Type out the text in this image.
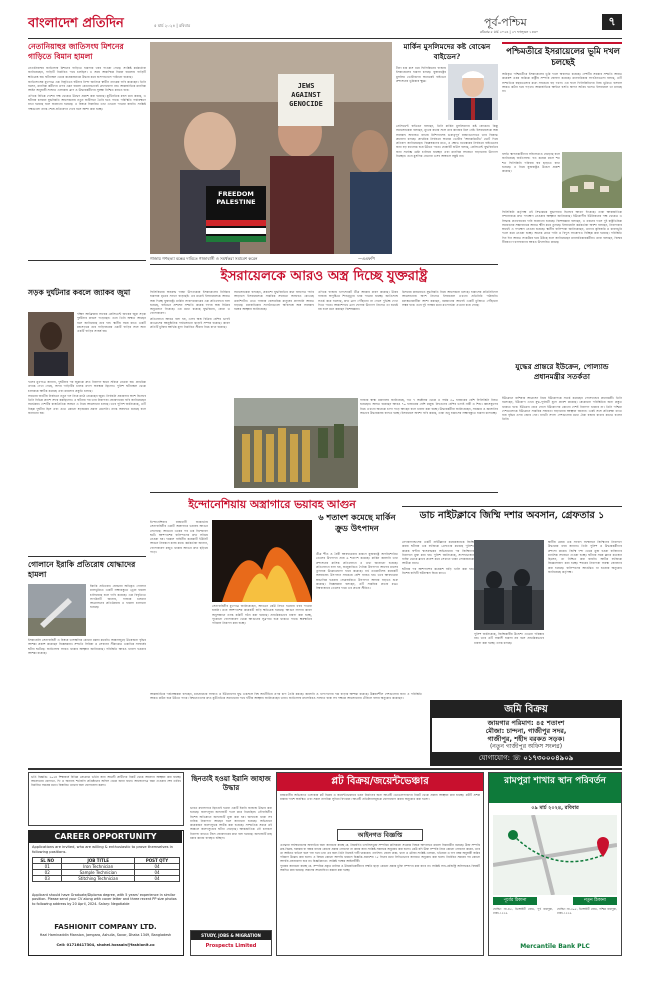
বাংলাদেশ প্রতিদিন	৫ মার্চ ২০২৪ | রবিবার	পূর্ব-পশ্চিম	৭
রবিবার ৫ মার্চ ২০২৪ | ২৭ ফাল্গুন ১৪৩০
নেতানিয়াহুর জাতিসংঘ মিশনের গাড়িতে বিমান হামলা

নেতানিয়াহুর জাতিসংঘ মিশনের গাড়িতে হামলার খবর পাওয়া গেছে। সংশ্লিষ্ট কর্মকর্তারা জানিয়েছেন, গাড়িটি নির্ধারিত পথে চলছিল। এ সময় আকস্মিক বিমান হামলায় গাড়িটি ক্ষতিগ্রস্ত হয়। ঘটনাস্থল থেকে কয়েকজনকে উদ্ধার করে হাসপাতালে পাঠানো হয়েছে।

জাতিসংঘের মুখপাত্র এক বিবৃতিতে ঘটনার নিন্দা জানিয়ে স্বাধীন তদন্তের দাবি করেছেন। তিনি বলেন, মানবিক কর্মীদের ওপর এমন হামলা কোনোভাবেই গ্রহণযোগ্য নয়। আন্তর্জাতিক মানবিক আইন অনুযায়ী সংঘাত এলাকায় ত্রাণ ও উদ্ধারকর্মীদের সুরক্ষা নিশ্চিত করতে হবে।

এদিকে বিভিন্ন দেশের পক্ষ থেকেও উদ্বেগ প্রকাশ করা হয়েছে। কূটনৈতিক মহল মনে করছে, এ ঘটনায় চলমান যুদ্ধবিরতি আলোচনায় নতুন জটিলতা তৈরি হতে পারে। পরিস্থিতি পর্যবেক্ষণে রাখা হয়েছে বলে জানানো হয়েছে। এ বিষয়ে বিস্তারিত তথ্য এখনো পাওয়া যায়নি। সংশ্লিষ্ট পক্ষগুলো তদন্ত শেষে প্রতিবেদন দেবে বলে আশা করা হচ্ছে।

সড়ক দুর্ঘটনার কবলে জ্যাকব জুমা

দক্ষিণ আফ্রিকার সাবেক প্রেসিডেন্ট জ্যাকব জুমা সড়ক দুর্ঘটনার কবলে পড়েছেন। তবে তিনি অক্ষত আছেন বলে জানিয়েছে তার দল। স্থানীয় সময় রাতে একটি মহাসড়কে তার গাড়িবহরের একটি গাড়ির সঙ্গে অন্য একটি গাড়ির সংঘর্ষ হয়।

দলের মুখপাত্র জানান, দুর্ঘটনার পর জুমাকে দ্রুত নিরাপদ স্থানে সরিয়ে নেওয়া হয়। প্রাথমিক তদন্তে দেখা গেছে, অপর গাড়িটির চালক মদ্যপ অবস্থায় ছিলেন। পুলিশ ঘটনাস্থল থেকে চালককে আটক করেছে এবং মামলার প্রস্তুতি চলছে।

সামনের জাতীয় নির্বাচনে নতুন দল নিয়ে মাঠে নেমেছেন জুমা। নির্বাচনি প্রচারণার অংশ হিসেবে তিনি বিভিন্ন প্রদেশ সফর করছিলেন। এ ঘটনার পর তার নিরাপত্তা জোরদারের দাবি জানিয়েছেন সমর্থকরা। দেশটির রাজনৈতিক অঙ্গনে এ নিয়ে আলোচনা চলছে। তবে পুলিশ জানিয়েছে, এটি নিছক দুর্ঘটনা ছিল এবং এতে কোনো ষড়যন্ত্রের প্রমাণ মেলেনি। তদন্ত অব্যাহত রয়েছে বলে জানানো হয়।

গোলানে ইরাকি প্রতিরোধ যোদ্ধাদের হামলা

ইরাকি প্রতিরোধ যোদ্ধারা অধিকৃত গোলান মালভূমিতে একটি লক্ষ্যবস্তুতে ড্রোন হামলা চালিয়েছে বলে দাবি করেছে। এক বিবৃতিতে সংগঠনটি জানায়, গাজায় চলমান আগ্রাসনের প্রতিক্রিয়ায় এ হামলা চালানো হয়েছে।

ইসরায়েলি সেনাবাহিনী এ বিষয়ে তাৎক্ষণিক কোনো মন্তব্য করেনি। অঞ্চলজুড়ে উত্তেজনা বৃদ্ধির আশঙ্কা প্রকাশ করেছেন বিশ্লেষকরা। সম্প্রতি সিরিয়া ও লেবানন সীমান্তেও একাধিক সংঘর্ষের ঘটনা ঘটেছে। জাতিসংঘ সংযত থাকার আহ্বান জানিয়েছে। পরিস্থিতি আরও খারাপ হওয়ার আশঙ্কা রয়েছে।

JEWS AGAINST GENOCIDE
FREEDOM PALESTINE
গাজায় গণহত্যা বন্ধের দাবিতে গাজাবাসী ও সমর্থকরা সমাবেশ করেন	—এএফপি
মার্কিন মুসলিমদের কষ্ট বোঝেন বাইডেন?

টানা চার মাস ধরে ফিলিস্তিনের গাজায় ইসরায়েলের হামলা চলছে। যুক্তরাষ্ট্রের মুসলিম ভোটারদের অনেকেই বাইডেন প্রশাসনের ভূমিকায় ক্ষুব্ধ।

প্রেসিডেন্ট বাইডেন বলছেন, তিনি মার্কিন মুসলিমদের কষ্ট বোঝেন। কিন্তু সমালোচকরা বলছেন, মুখের কথার সঙ্গে তার কাজের মিল নেই। ইসরায়েলকে অস্ত্র সরবরাহ অব্যাহত রাখায় মিশিগানসহ গুরুত্বপূর্ণ রাজ্যগুলোতে তার বিরুদ্ধে প্রচারণা চলছে। প্রাথমিক নির্বাচনে অনেক ভোটার 'আনকমিটেড' ভোট দিয়ে প্রতিবাদ জানিয়েছেন। বিশ্লেষকদের মতে, এ ক্ষোভ নভেম্বরের নির্বাচনে বাইডেনের জন্য বড় চ্যালেঞ্জ হয়ে উঠতে পারে। হোয়াইট হাউস বলছে, প্রেসিডেন্ট যুদ্ধবিরতির জন্য সর্বোচ্চ চেষ্টা চালিয়ে যাচ্ছেন এবং মানবিক সহায়তা বাড়ানোর উদ্যোগ নিচ্ছেন। তবে মুসলিম নেতারা এসব আশ্বাসে সন্তুষ্ট নন।

পশ্চিমতীরে ইসরায়েলের ভূমি দখল চলছেই

অধিকৃত পশ্চিমতীরে ইসরায়েলের ভূমি দখল অব্যাহত রয়েছে। দেশটির সরকার সম্প্রতি আরও কয়েকশ একর জমিকে রাষ্ট্রীয় সম্পত্তি ঘোষণা করেছে। মানবাধিকার সংগঠনগুলো বলছে, এটি সাম্প্রতিক বছরগুলোর মধ্যে সবচেয়ে বড় দখল। এর ফলে ফিলিস্তিনিদের নিজ ভূমিতে বসবাস আরও কঠিন হয়ে পড়বে। আন্তর্জাতিক আইনে বসতি স্থাপন অবৈধ হলেও ইসরায়েল তা মানছে না।

বসতি স্থাপনকারীদের সহিংসতাও বেড়েছে বলে জানিয়েছে জাতিসংঘ। গত কয়েক মাসে শত শত ফিলিস্তিনি পরিবার ঘর ছাড়তে বাধ্য হয়েছে। এ নিয়ে যুক্তরাষ্ট্রও উদ্বেগ প্রকাশ করেছে।

ফিলিস্তিনি কর্তৃপক্ষ এই সিদ্ধান্তকে যুদ্ধাপরাধ হিসেবে আখ্যা দিয়েছে। তারা আন্তর্জাতিক সম্প্রদায়কে দ্রুত পদক্ষেপ নেওয়ার আহ্বান জানিয়েছে। ইউরোপীয় ইউনিয়নের পক্ষ থেকেও এ সিদ্ধান্ত প্রত্যাহারের দাবি জানানো হয়েছে। বিশেষজ্ঞরা বলছেন, এ ধরনের দখল দুই রাষ্ট্রভিত্তিক সমাধানের সম্ভাবনাকে আরও ক্ষীণ করে তুলছে। ইসরায়েলি কর্মকর্তারা অবশ্য বলছেন, নিরাপত্তার স্বার্থেই এ পদক্ষেপ নেওয়া হয়েছে। স্থানীয় বাসিন্দারা জানিয়েছেন, তাদের কৃষিজমি ও চারণভূমি দখল করে নেওয়া হচ্ছে। অনেক গ্রামে পানি ও বিদ্যুৎ সংযোগও বিচ্ছিন্ন করা হয়েছে। পরিস্থিতি দিন দিন আরও সংকটময় হয়ে উঠছে বলে জানিয়েছেন মানবাধিকারকর্মীরা। তারা বলছেন, বিশ্বের নীরবতা দখলদারদের আরও উৎসাহিত করছে।

ইসরায়েলকে আরও অস্ত্র দিচ্ছে যুক্তরাষ্ট্র

ফিলিস্তিনের অবরুদ্ধ গাজা উপত্যকায় ইসরায়েলের নির্বিচার হামলায় মৃতের সংখ্যা বাড়ছেই। এর মধ্যেই ইসরায়েলকে আরও অস্ত্র দিচ্ছে যুক্তরাষ্ট্র। মার্কিন সংবাদমাধ্যমের এক প্রতিবেদনে বলা হয়েছে, বাইডেন প্রশাসন সম্প্রতি কয়েক দফায় অস্ত্র বিক্রির অনুমোদন দিয়েছে। এর মধ্যে রয়েছে যুদ্ধবিমান, বোমা ও গোলাবারুদ।

প্রতিবেদনে আরও বলা হয়, এসব অস্ত্র বিক্রির বেশির ভাগই কংগ্রেসের আনুষ্ঠানিক পর্যালোচনা ছাড়াই সম্পন্ন হয়েছে। কারণ প্রতিটি চুক্তির আর্থিক মূল্য নির্ধারিত সীমার নিচে রাখা হয়েছে।

সমালোচকরা বলছেন, প্রকাশ্যে যুদ্ধবিরতির কথা বললেও পর্দার আড়ালে ইসরায়েলকে সামরিক সহায়তা অব্যাহত রেখেছে ওয়াশিংটন। এতে গাজায় বেসামরিক মানুষের প্রাণহানি আরও বাড়ছে। মানবাধিকার সংগঠনগুলো অবিলম্বে অস্ত্র সরবরাহ বন্ধের আহ্বান জানিয়েছে।

এদিকে গাজায় খাদ্যসংকট তীব্র আকার ধারণ করেছে। উত্তর গাজায় অপুষ্টিতে শিশুমৃত্যুর খবর পাওয়া যাচ্ছে। জাতিসংঘ সতর্ক করে বলেছে, দ্রুত ত্রাণ পৌঁছানো না গেলে দুর্ভিক্ষ দেখা দিতে পারে। আকাশপথে ত্রাণ ফেলার উদ্যোগ নিলেও তা যথেষ্ট নয় বলে মনে করছেন বিশেষজ্ঞরা।

মিসরের কায়রোতে যুদ্ধবিরতি নিয়ে আলোচনা চলছে। হামাসের প্রতিনিধিদল আলোচনায় অংশ নিলেও ইসরায়েল এখনো প্রতিনিধি পাঠায়নি। মধ্যস্থতাকারীরা আশা করছেন, রমজানের আগেই একটি চুক্তিতে পৌঁছানো সম্ভব হবে। তবে দুই পক্ষের মধ্যে মতপার্থক্য এখনো রয়ে গেছে।

গাজার স্বাস্থ্য মন্ত্রণালয় জানিয়েছে, গত ৭ অক্টোবর থেকে এ পর্যন্ত ৩০ হাজারের বেশি ফিলিস্তিনি নিহত হয়েছেন। আহত হয়েছেন আরও ৭০ হাজারের বেশি মানুষ। নিহতদের বেশির ভাগই নারী ও শিশু। ধ্বংসস্তূপের নিচে এখনো অনেকে চাপা পড়ে আছেন বলে ধারণা করা হচ্ছে। উদ্ধারকর্মীরা জানিয়েছেন, সরঞ্জাম ও জ্বালানির অভাবে উদ্ধারকাজ ব্যাহত হচ্ছে। ইসরায়েল অবশ্য দাবি করছে, তারা শুধু হামাসের লক্ষ্যবস্তুতে হামলা চালাচ্ছে।

যুদ্ধের প্রান্তরে ইউক্রেন, পোল্যান্ড প্রধানমন্ত্রীর সতর্কতা

ইউক্রেনে রাশিয়ার আগ্রাসন নিয়ে ইউরোপকে সতর্ক করেছেন পোল্যান্ডের প্রধানমন্ত্রী। তিনি বলেছেন, ইউরোপ এখন যুদ্ধ-পূর্ববর্তী যুগে প্রবেশ করেছে। যেকোনো পরিস্থিতির জন্য প্রস্তুত থাকতে হবে। ইউক্রেন হেরে গেলে ইউরোপের কোনো দেশই নিরাপদ থাকবে না। তিনি পশ্চিমা দেশগুলোকে ইউক্রেনে সামরিক সহায়তা বাড়ানোর আহ্বান জানান। একই সঙ্গে প্রতিরক্ষা খাতে ব্যয় বৃদ্ধির ওপর জোর দেন। ন্যাটো সদস্য দেশগুলোর মধ্যে ঐক্য বজায় রাখার কথাও বলেন তিনি।

ডাচ নাইটক্লাবে জিম্মি দশার অবসান, গ্রেফতার ১

নেদারল্যান্ডসের একটি নাইটক্লাবে কয়েকজনকে জিম্মি করার ঘটনায় এক ব্যক্তিকে গ্রেফতার করেছে পুলিশ। কয়েক ঘণ্টার শ্বাসরুদ্ধকর অভিযানের পর জিম্মিদের নিরাপদে মুক্ত করা হয়। পুলিশ জানিয়েছে, সন্দেহভাজন ব্যক্তি ভোরে ক্লাবে প্রবেশ করে সেখানে থাকা লোকজনকে আটকে রাখে।

ঘটনার পর আশপাশের কয়েকশ বাড়ি খালি করা হয়। বিশেষ বাহিনী ঘটনাস্থল ঘিরে রাখে।

পুলিশ জানিয়েছে, জিম্মিকারীর উদ্দেশ্য এখনো পরিষ্কার নয়। তবে এটি সন্ত্রাসী হামলা নয় বলে প্রাথমিকভাবে ধারণা করা হচ্ছে। তদন্ত চলছে।

স্থানীয় মেয়র এক সংবাদ সম্মেলনে জিম্মিদের নিরাপদে উদ্ধারের খবর জানান। তিনি পুলিশ ও উদ্ধারকর্মীদের প্রশংসা করেন। জিম্মি দশা থেকে মুক্ত হওয়া ব্যক্তিদের মানসিক সহায়তা দেওয়া হচ্ছে। ঘটনার সময় ক্লাবে কতজন ছিলেন, তা নিশ্চিত করা যায়নি। আটক ব্যক্তিকে জিজ্ঞাসাবাদ করা হচ্ছে। শহরের নিরাপত্তা ব্যবস্থা জোরদার করা হয়েছে। বাসিন্দাদের আতঙ্কিত না হওয়ার অনুরোধ জানিয়েছে কর্তৃপক্ষ।

ইন্দোনেশিয়ায় অস্ত্রাগারে ভয়াবহ আগুন

ইন্দোনেশিয়ার রাজধানী জাকার্তায় সেনাবাহিনীর একটি অস্ত্রাগারে ভয়াবহ আগুন লেগেছে। আগুনে একের পর এক বিস্ফোরণ ঘটে। আশপাশের বাসিন্দাদের দ্রুত সরিয়ে নেওয়া হয়। দমকল বাহিনীর কয়েকটি ইউনিট আগুন নিয়ন্ত্রণে কাজ করে। কর্মকর্তারা জানান, গোলাবারুদ মজুত থাকায় আগুন দ্রুত ছড়িয়ে পড়ে।

সেনাবাহিনীর মুখপাত্র জানিয়েছেন, আগুনে কেউ নিহত হওয়ার খবর পাওয়া যায়নি। তবে আশপাশের কয়েকটি বাড়ি ক্ষতিগ্রস্ত হয়েছে। আগুন লাগার কারণ অনুসন্ধানে তদন্ত কমিটি গঠন করা হয়েছে। প্রাথমিকভাবে ধারণা করা হচ্ছে, পুরোনো গোলাবারুদ থেকে আগুনের সূত্রপাত হয়ে থাকতে পারে। ক্ষয়ক্ষতির পরিমাণ নিরূপণ করা হচ্ছে।

৬ শতাংশ কমেছে মার্কিন ক্রুড উৎপাদন

তীব্র শীত ও বৈরী আবহাওয়ার কারণে যুক্তরাষ্ট্রে অপরিশোধিত তেলের উৎপাদন প্রায় ৬ শতাংশ কমেছে। মার্কিন জ্বালানি তথ্য প্রশাসনের মাসিক প্রতিবেদনে এ তথ্য জানানো হয়েছে। প্রতিবেদনে বলা হয়, জানুয়ারিতে দৈনিক উৎপাদন আগের মাসের তুলনায় উল্লেখযোগ্য হারে কমেছে। নর্থ ডাকোটাসহ কয়েকটি অঙ্গরাজ্যে উৎপাদন সবচেয়ে বেশি ব্যাহত হয়। তবে আবহাওয়া স্বাভাবিক হওয়ায় ফেব্রুয়ারিতে উৎপাদন আবার বাড়তে শুরু করেছে। বিশ্লেষকরা বলছেন, এটি সাময়িক প্রভাব মাত্র। বিশ্ববাজারে তেলের দামে এর প্রভাব সীমিত।

জমি বিক্রয়
জায়গার পরিমাণ: ৪৫ শতাংশ
মৌজা: চান্দনা, গাজীপুর সদর,
গাজীপুর, শহীদ বরকত সড়ক।
(নতুন গাজীপুর অফিস সংলগ্ন)
যোগাযোগ: ☏ ০১৭৩০০০৪৯০৯

আন্তর্জাতিক পর্যবেক্ষকরা বলছেন, মধ্যপ্রাচ্যের সংঘাত ও ইউরোপের যুদ্ধ একসঙ্গে বিশ্ব অর্থনীতির ওপর চাপ তৈরি করছে। জ্বালানি ও খাদ্যপণ্যের দাম বাড়ার আশঙ্কা রয়েছে। উন্নয়নশীল দেশগুলোর জন্য এ পরিস্থিতি আরও কঠিন হয়ে উঠতে পারে। বিশ্বনেতাদের দ্রুত কূটনৈতিক সমাধানের পথে হাঁটার আহ্বান জানিয়েছেন তারা। জাতিসংঘ মহাসচিবও সংঘাত বন্ধে সব পক্ষকে আলোচনার টেবিলে বসার অনুরোধ করেছেন।

ভর্তি বিজ্ঞপ্তি: ২০২৪ শিক্ষাবর্ষে বিভিন্ন প্রোগ্রামে ভর্তির জন্য আগ্রহী প্রার্থীদের নিকট থেকে আবেদন আহ্বান করা যাচ্ছে। আবেদনের যোগ্যতা, ফি ও অন্যান্য শর্তাবলি প্রতিষ্ঠানের অফিস থেকে জানা যাবে। আবেদনপত্র জমা দেওয়ার শেষ তারিখ নির্ধারিত সময়ের মধ্যে। বিস্তারিত তথ্যের জন্য যোগাযোগ করুন।

CAREER OPPORTUNITY
Applications are invited, who are willing & enthusiastic to prove themselves in following positions.
SL NO	JOB TITLE	POST QTY
01	Iron Technician	04
02	Sample Technician	04
03	Stitching Technician	04
Applicant should have Graduate/Diploma degree, with 5 years' experience in similar position. Please send your CV along with cover letter and three recent PP size photos to following address by 20 April, 2024. Salary: Negotiable
FASHIONIT COMPANY LTD.
Hazi Haminaddin Mansion, Jamgara, Ashulia, Savar, Dhaka 1349, Bangladesh
Cell: 01716417304, shohel.hossain@fashionit.co
ছিনতাই হওয়া ইরানি জাহাজ উদ্ধার

ভারত মহাসাগরে ছিনতাই হওয়া একটি ইরানি জাহাজ উদ্ধার করা হয়েছে। জলদস্যুরা জাহাজটি দখল করে নিয়েছিল। নৌবাহিনীর বিশেষ অভিযানে জাহাজটি মুক্ত করা হয়। জাহাজে থাকা সব নাবিক নিরাপদে আছেন বলে জানানো হয়েছে। অভিযানে কয়েকজন জলদস্যুকে আটক করা হয়েছে। সাম্প্রতিক সময়ে ওই অঞ্চলে জলদস্যুতার ঘটনা বেড়েছে। আন্তর্জাতিক নৌ চলাচল নিরাপদ রাখতে টহল জোরদারের কথা বলা হয়েছে। জাহাজটি মাছ ধরার কাজে ব্যবহৃত হচ্ছিল।

STUDY, JOBS & MIGRATION
Prospects Limited
প্লট বিক্রয়/জয়েন্টভেঞ্চার

রাজধানীর অভিজাত এলাকায় প্লট বিক্রয় ও জয়েন্টভেঞ্চারে ভবন নির্মাণের জন্য আগ্রহী ডেভেলপারদের নিকট থেকে প্রস্তাব আহ্বান করা যাচ্ছে। প্লটটি প্রশস্ত রাস্তার পাশে অবস্থিত এবং সকল নাগরিক সুবিধা বিদ্যমান। আগ্রহী প্রতিষ্ঠানসমূহকে যোগাযোগ করার অনুরোধ করা হলো।

আইনগত বিজ্ঞপ্তি

এতদ্বারা সর্বসাধারণের অবগতির জন্য জানানো যাচ্ছে যে, নিম্নবর্ণিত তফসিলভুক্ত সম্পত্তির মালিকানা সংক্রান্ত বিষয়ে আদালতে মামলা বিচারাধীন রয়েছে। উক্ত সম্পত্তি ক্রয়-বিক্রয়, হস্তান্তর বা বন্ধক রাখার কোনো প্রকার লেনদেন না করার জন্য সংশ্লিষ্ট সকলকে অনুরোধ করা হলো। কেউ যদি উক্ত সম্পত্তি নিয়ে কোনো লেনদেন করেন, তবে তা আইনত বাতিল বলে গণ্য হবে এবং এর জন্য তিনি নিজেই দায়ী থাকবেন। তফসিল: জেলা ঢাকা, থানা ও মৌজা সংশ্লিষ্ট এলাকা, খতিয়ান ও দাগ নম্বর অনুযায়ী জমির পরিমাণ উল্লেখ করা হলো। এ বিষয়ে কোনো আপত্তি থাকলে বিজ্ঞপ্তি প্রকাশের ১৫ দিনের মধ্যে লিখিতভাবে জানাতে অনুরোধ করা হলো। নির্ধারিত সময়ের পর কোনো আপত্তি গ্রহণযোগ্য হবে না। বিজ্ঞপ্তিদাতা: সংশ্লিষ্ট পক্ষের আইনজীবী।

পুনরায় জানানো যাচ্ছে যে, সম্পত্তির প্রকৃত মালিক ও উত্তরাধিকারীদের সম্মতি ছাড়া কোনো প্রকার চুক্তি সম্পাদন করা যাবে না। সংশ্লিষ্ট সাব-রেজিস্ট্রি অফিসকেও বিষয়টি অবহিত করা হয়েছে। সকলের সহযোগিতা কামনা করা হচ্ছে।

রামপুরা শাখার স্থান পরিবর্তন
০৯ মার্চ ২০২৪, রবিবার
পূর্বের ঠিকানা	নতুন ঠিকানা

হোল্ডিং নং-৪৫, ডিআইটি রোড, পূর্ব রামপুরা, ঢাকা-১২১৯

হোল্ডিং নং-২০৫, ডিআইটি রোড, পশ্চিম রামপুরা, ঢাকা-১২১৯

Mercantile Bank PLC
